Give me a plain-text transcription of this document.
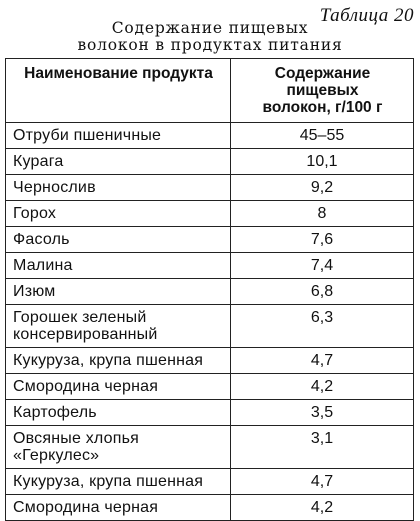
Таблица 20
Содержание пищевых
волокон в продуктах питания
Наименование продукта	Содержание пищевых
волокон, г/100 г

Отруби пшеничные	45–55
Курага	10,1
Чернослив	9,2
Горох	8
Фасоль	7,6
Малина	7,4
Изюм	6,8

Горошек зеленый
консервированный	6,3
Кукуруза, крупа пшенная	4,7
Смородина черная	4,2
Картофель	3,5
Овсяные хлопья «Геркулес»	3,1
Кукуруза, крупа пшенная	4,7
Смородина черная	4,2
